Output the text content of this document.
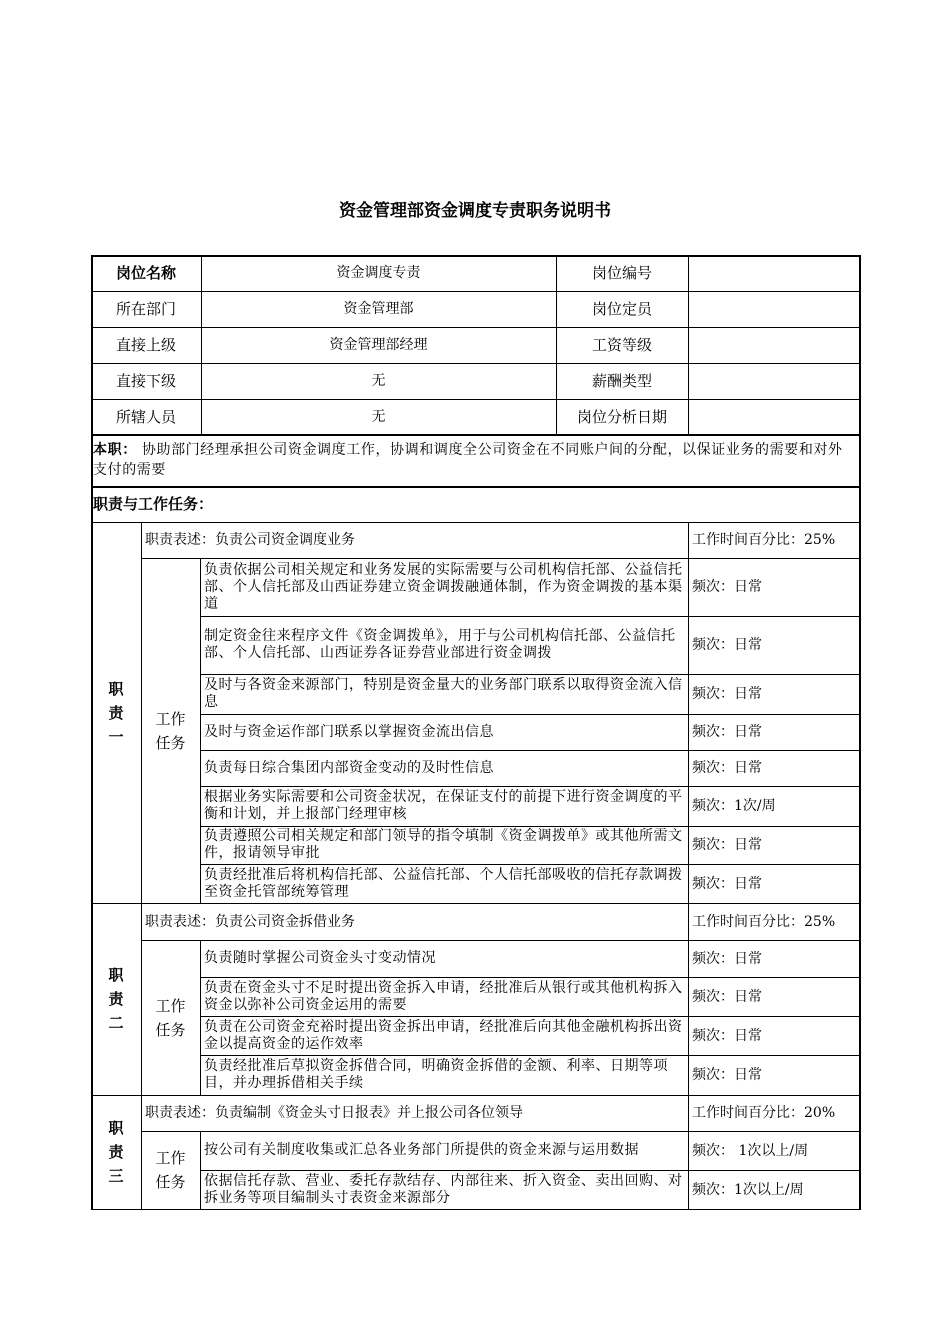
资金管理部资金调度专责职务说明书
岗位名称	资金调度专责	岗位编号
所在部门	资金管理部	岗位定员
直接上级	资金管理部经理	工资等级
直接下级	无	薪酬类型
所辖人员	无	岗位分析日期
本职： 协助部门经理承担公司资金调度工作，协调和调度全公司资金在不同账户间的分配，以保证业务的需要和对外支付的需要
职责与工作任务：
职
责
一
职责表述：负责公司资金调度业务	工作时间百分比：25%
工作任务
负责依据公司相关规定和业务发展的实际需要与公司机构信托部、公益信托部、个人信托部及山西证券建立资金调拨融通体制，作为资金调拨的基本渠道
频次：日常
制定资金往来程序文件《资金调拨单》，用于与公司机构信托部、公益信托部、个人信托部、山西证券各证券营业部进行资金调拨	频次：日常
及时与各资金来源部门，特别是资金量大的业务部门联系以取得资金流入信息	频次：日常
及时与资金运作部门联系以掌握资金流出信息	频次：日常
负责每日综合集团内部资金变动的及时性信息	频次：日常
根据业务实际需要和公司资金状况，在保证支付的前提下进行资金调度的平衡和计划，并上报部门经理审核	频次：1次/周
负责遵照公司相关规定和部门领导的指令填制《资金调拨单》或其他所需文件，报请领导审批	频次：日常
负责经批准后将机构信托部、公益信托部、个人信托部吸收的信托存款调拨至资金托管部统筹管理	频次：日常
职
责
二
职责表述：负责公司资金拆借业务	工作时间百分比：25%
工作任务
负责随时掌握公司资金头寸变动情况	频次：日常
负责在资金头寸不足时提出资金拆入申请，经批准后从银行或其他机构拆入资金以弥补公司资金运用的需要	频次：日常
负责在公司资金充裕时提出资金拆出申请，经批准后向其他金融机构拆出资金以提高资金的运作效率	频次：日常
负责经批准后草拟资金拆借合同，明确资金拆借的金额、利率、日期等项目，并办理拆借相关手续	频次：日常
职
责
三
职责表述：负责编制《资金头寸日报表》并上报公司各位领导	工作时间百分比：20%
工作任务
按公司有关制度收集或汇总各业务部门所提供的资金来源与运用数据	频次： 1次以上/周
依据信托存款、营业、委托存款结存、内部往来、折入资金、卖出回购、对拆业务等项目编制头寸表资金来源部分	频次：1次以上/周
